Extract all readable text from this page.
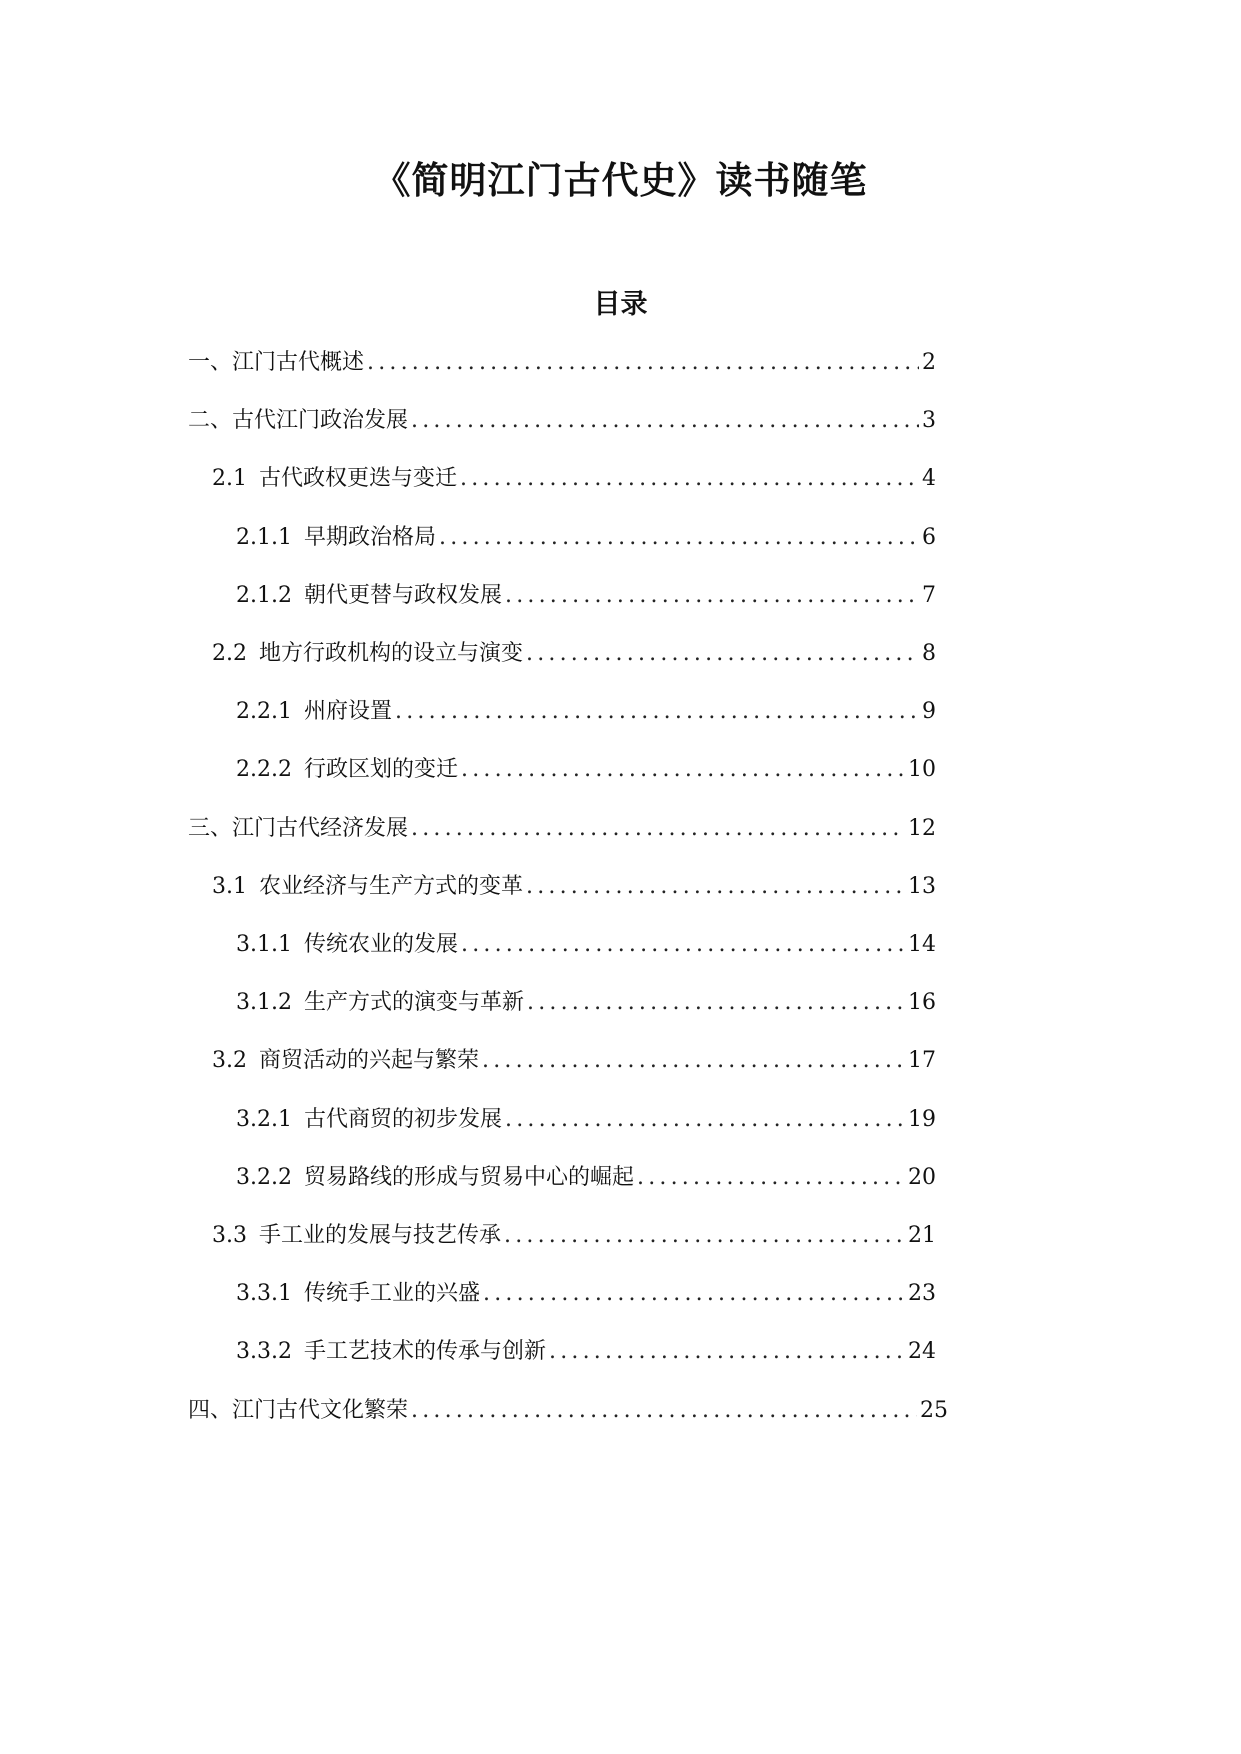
《简明江门古代史》读书随笔
目录
一、江门古代概述 .....	2
二、古代江门政治发展 .....	3
2.1 古代政权更迭与变迁 .....	4
2.1.1 早期政治格局 .....	6
2.1.2 朝代更替与政权发展 .....	7
2.2 地方行政机构的设立与演变 .....	8
2.2.1 州府设置 .....	9
2.2.2 行政区划的变迁 .....	10
三、江门古代经济发展 .....	12
3.1 农业经济与生产方式的变革 .....	13
3.1.1 传统农业的发展 .....	14
3.1.2 生产方式的演变与革新 .....	16
3.2 商贸活动的兴起与繁荣 .....	17
3.2.1 古代商贸的初步发展 .....	19
3.2.2 贸易路线的形成与贸易中心的崛起 .....	20
3.3 手工业的发展与技艺传承 .....	21
3.3.1 传统手工业的兴盛 .....	23
3.3.2 手工艺技术的传承与创新 .....	24
四、江门古代文化繁荣 .....	25
